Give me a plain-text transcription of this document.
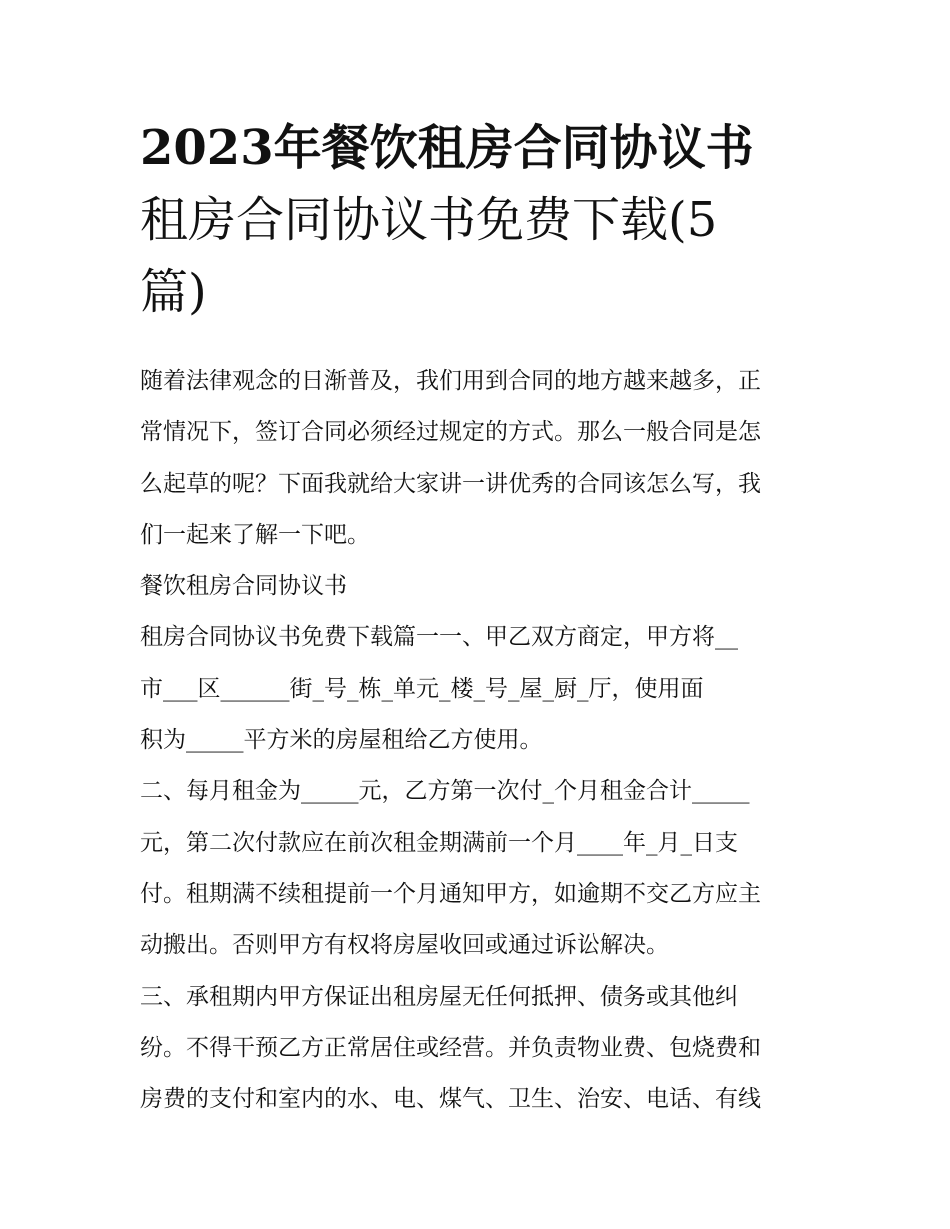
2023年餐饮租房合同协议书
租房合同协议书免费下载(5
篇)
随着法律观念的日渐普及，我们用到合同的地方越来越多，正
常情况下，签订合同必须经过规定的方式。那么一般合同是怎
么起草的呢？下面我就给大家讲一讲优秀的合同该怎么写，我
们一起来了解一下吧。
餐饮租房合同协议书
租房合同协议书免费下载篇一一、甲乙双方商定，甲方将__
市___区______街_号_栋_单元_楼_号_屋_厨_厅，使用面
积为_____平方米的房屋租给乙方使用。
二、每月租金为_____元，乙方第一次付_个月租金合计_____
元，第二次付款应在前次租金期满前一个月____年_月_日支
付。租期满不续租提前一个月通知甲方，如逾期不交乙方应主
动搬出。否则甲方有权将房屋收回或通过诉讼解决。
三、承租期内甲方保证出租房屋无任何抵押、债务或其他纠
纷。不得干预乙方正常居住或经营。并负责物业费、包烧费和
房费的支付和室内的水、电、煤气、卫生、治安、电话、有线
